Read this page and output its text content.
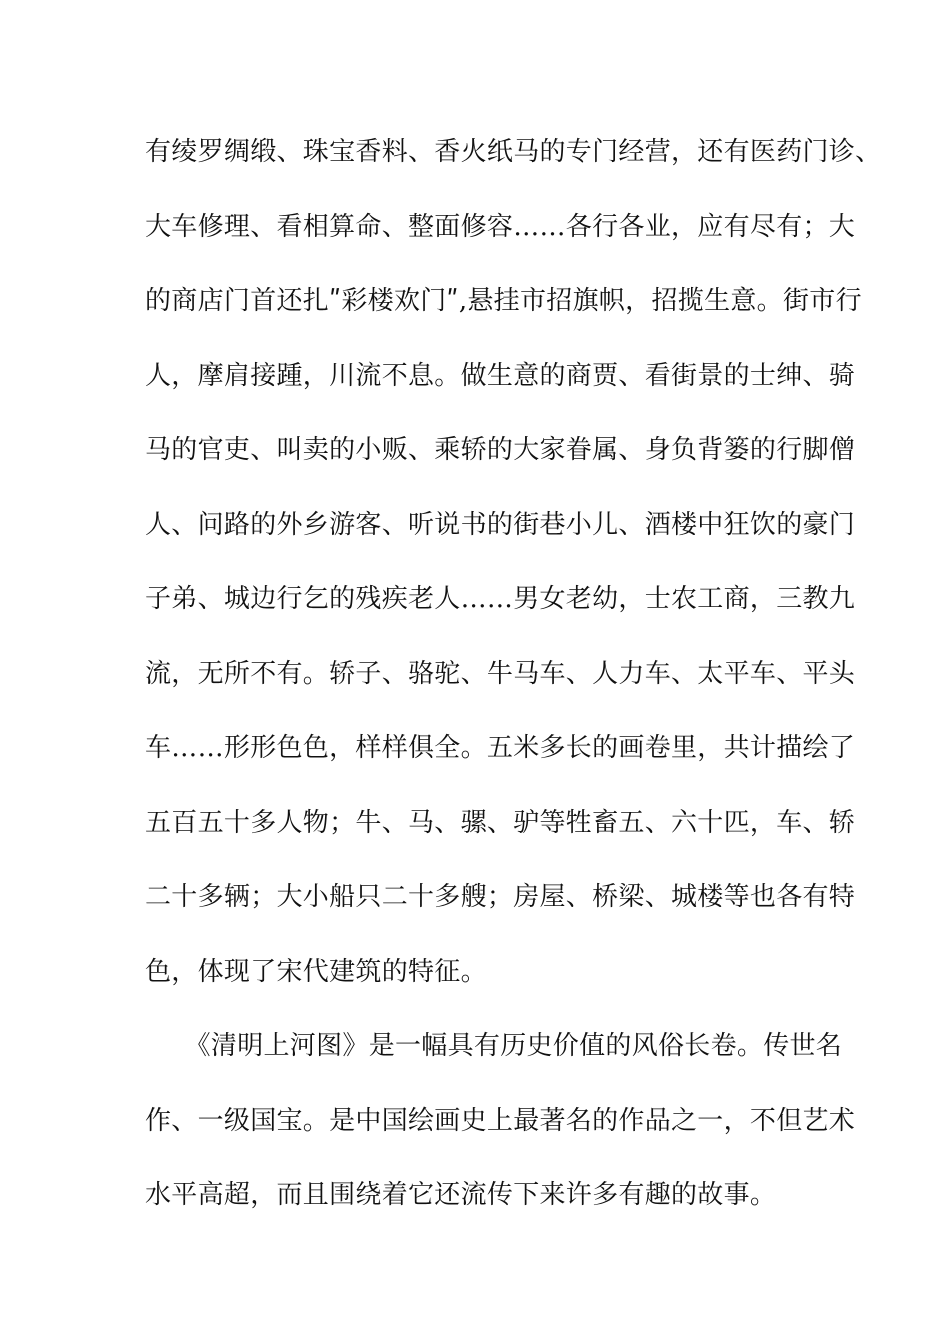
有绫罗绸缎、珠宝香料、香火纸马的专门经营，还有医药门诊、
大车修理、看相算命、整面修容……各行各业，应有尽有；大
的商店门首还扎ʺ彩楼欢门ʺ,悬挂市招旗帜，招揽生意。街市行
人，摩肩接踵，川流不息。做生意的商贾、看街景的士绅、骑
马的官吏、叫卖的小贩、乘轿的大家眷属、身负背篓的行脚僧
人、问路的外乡游客、听说书的街巷小儿、酒楼中狂饮的豪门
子弟、城边行乞的残疾老人……男女老幼，士农工商，三教九
流，无所不有。轿子、骆驼、牛马车、人力车、太平车、平头
车……形形色色，样样俱全。五米多长的画卷里，共计描绘了
五百五十多人物；牛、马、骡、驴等牲畜五、六十匹，车、轿
二十多辆；大小船只二十多艘；房屋、桥梁、城楼等也各有特
色，体现了宋代建筑的特征。
　　《清明上河图》是一幅具有历史价值的风俗长卷。传世名
作、一级国宝。是中国绘画史上最著名的作品之一，不但艺术
水平高超，而且围绕着它还流传下来许多有趣的故事。
